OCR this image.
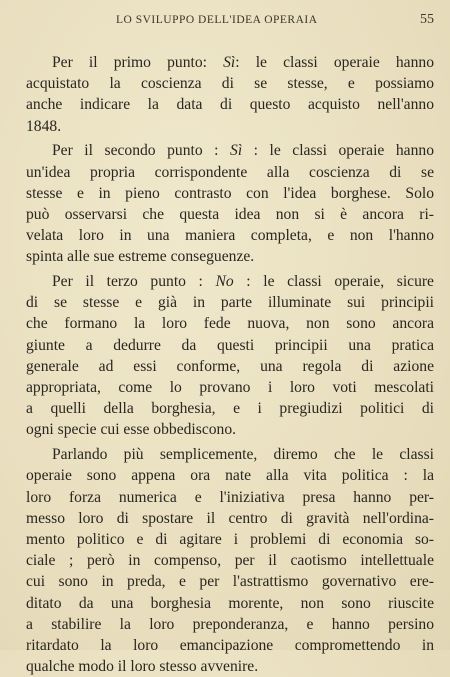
LO SVILUPPO DELL'IDEA OPERAIA	55
Per il primo punto: Sì: le classi operaie hanno
acquistato la coscienza di se stesse, e possiamo
anche indicare la data di questo acquisto nell'anno
1848.
Per il secondo punto : Sì : le classi operaie hanno
un'idea propria corrispondente alla coscienza di se
stesse e in pieno contrasto con l'idea borghese. Solo
può osservarsi che questa idea non si è ancora ri-
velata loro in una maniera completa, e non l'hanno
spinta alle sue estreme conseguenze.
Per il terzo punto : No : le classi operaie, sicure
di se stesse e già in parte illuminate sui principii
che formano la loro fede nuova, non sono ancora
giunte a dedurre da questi principii una pratica
generale ad essi conforme, una regola di azione
appropriata, come lo provano i loro voti mescolati
a quelli della borghesia, e i pregiudizi politici di
ogni specie cui esse obbediscono.
Parlando più semplicemente, diremo che le classi
operaie sono appena ora nate alla vita politica : la
loro forza numerica e l'iniziativa presa hanno per-
messo loro di spostare il centro di gravità nell'ordina-
mento politico e di agitare i problemi di economia so-
ciale ; però in compenso, per il caotismo intellettuale
cui sono in preda, e per l'astrattismo governativo ere-
ditato da una borghesia morente, non sono riuscite
a stabilire la loro preponderanza, e hanno persino
ritardato la loro emancipazione compromettendo in
qualche modo il loro stesso avvenire.
